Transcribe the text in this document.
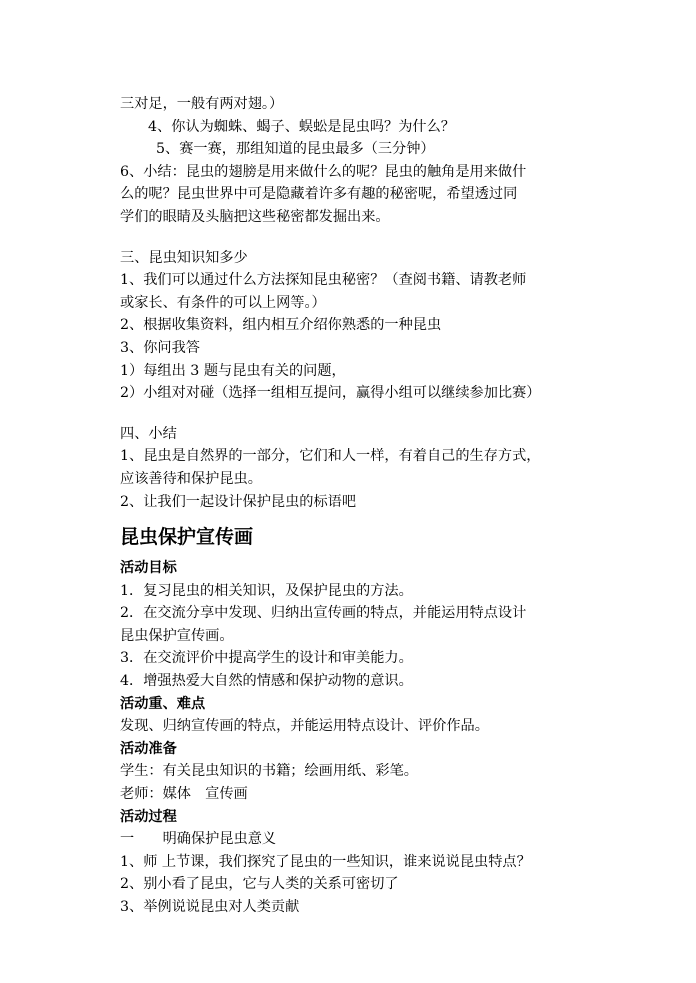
三对足，一般有两对翅。）
4、你认为蜘蛛、蝎子、蜈蚣是昆虫吗？为什么？
5、赛一赛，那组知道的昆虫最多（三分钟）
6、小结：昆虫的翅膀是用来做什么的呢？昆虫的触角是用来做什
么的呢？昆虫世界中可是隐藏着许多有趣的秘密呢，希望透过同
学们的眼睛及头脑把这些秘密都发掘出来。
三、昆虫知识知多少
1、我们可以通过什么方法探知昆虫秘密？（查阅书籍、请教老师
或家长、有条件的可以上网等。）
2、根据收集资料，组内相互介绍你熟悉的一种昆虫
3、你问我答
1）每组出 3 题与昆虫有关的问题，
2）小组对对碰（选择一组相互提问，赢得小组可以继续参加比赛）
四、小结
1、昆虫是自然界的一部分，它们和人一样，有着自己的生存方式，
应该善待和保护昆虫。
2、让我们一起设计保护昆虫的标语吧
昆虫保护宣传画
活动目标
1．复习昆虫的相关知识，及保护昆虫的方法。
2．在交流分享中发现、归纳出宣传画的特点，并能运用特点设计
昆虫保护宣传画。
3．在交流评价中提高学生的设计和审美能力。
4．增强热爱大自然的情感和保护动物的意识。
活动重、难点
发现、归纳宣传画的特点，并能运用特点设计、评价作品。
活动准备
学生：有关昆虫知识的书籍；绘画用纸、彩笔。
老师：媒体　宣传画
活动过程
一　　明确保护昆虫意义
1、师 上节课，我们探究了昆虫的一些知识，谁来说说昆虫特点？
2、别小看了昆虫，它与人类的关系可密切了
3、举例说说昆虫对人类贡献
